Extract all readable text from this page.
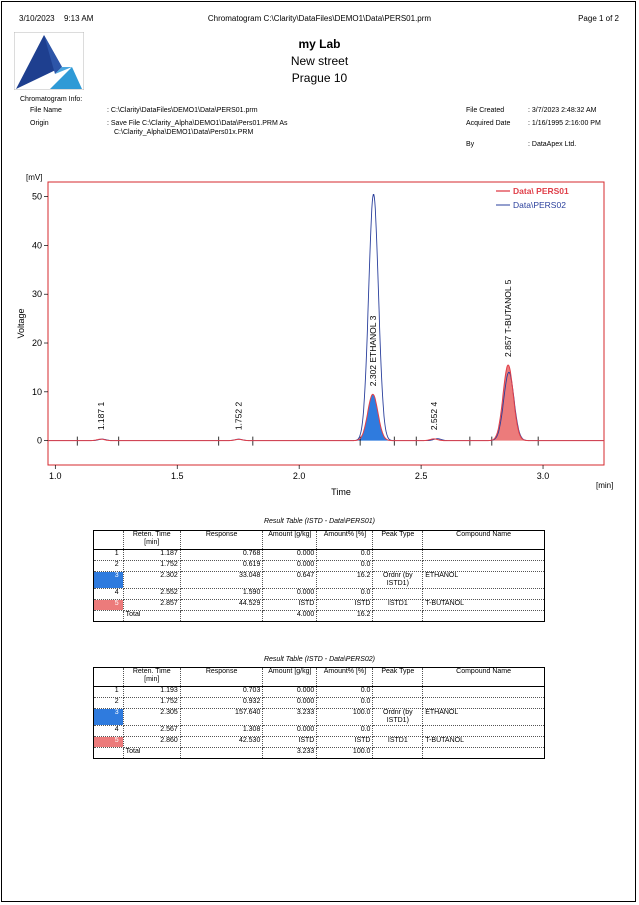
3/10/2023 9:13 AM	Chromatogram C:\Clarity\DataFiles\DEMO1\Data\PERS01.prm	Page 1 of 2
my Lab
New street
Prague 10
Chromatogram Info:
File Name	: C:\Clarity\DataFiles\DEMO1\Data\PERS01.prm
Origin	: Save File C:\Clarity_Alpha\DEMO1\Data\Pers01.PRM As
C:\Clarity_Alpha\DEMO1\Data\Pers01x.PRM
File Created	: 3/7/2023 2:48:32 AM
Acquired Date	: 1/16/1995 2:16:00 PM
By	: DataApex Ltd.
0
10
20
30
40
50
1.0	1.5	2.0	2.5	3.0
Time
[min]
[mV]
Voltage
1.187 1	1.752 2
2.302 ETHANOL 3
2.552 4
2.857 T-BUTANOL 5
Data\ PERS01
Data\PERS02
Result Table (ISTD - Data\PERS01)
	Reten. Time [min]	Response	Amount [g/kg]	Amount% [%]	Peak Type	Compound Name
1	1.187	0.768	0.000	0.0		
2	1.752	0.619	0.000	0.0		
3	2.302	33.048	0.647	16.2	Ordnr (by ISTD1)	ETHANOL
4	2.552	1.590	0.000	0.0		
5	2.857	44.529	ISTD	ISTD	ISTD1	T-BUTANOL
	Total		4.000	16.2		
Result Table (ISTD - Data\PERS02)
	Reten. Time [min]	Response	Amount [g/kg]	Amount% [%]	Peak Type	Compound Name
1	1.193	0.703	0.000	0.0		
2	1.752	0.932	0.000	0.0		
3	2.305	157.640	3.233	100.0	Ordnr (by ISTD1)	ETHANOL
4	2.567	1.308	0.000	0.0		
5	2.860	42.530	ISTD	ISTD	ISTD1	T-BUTANOL
	Total		3.233	100.0		
